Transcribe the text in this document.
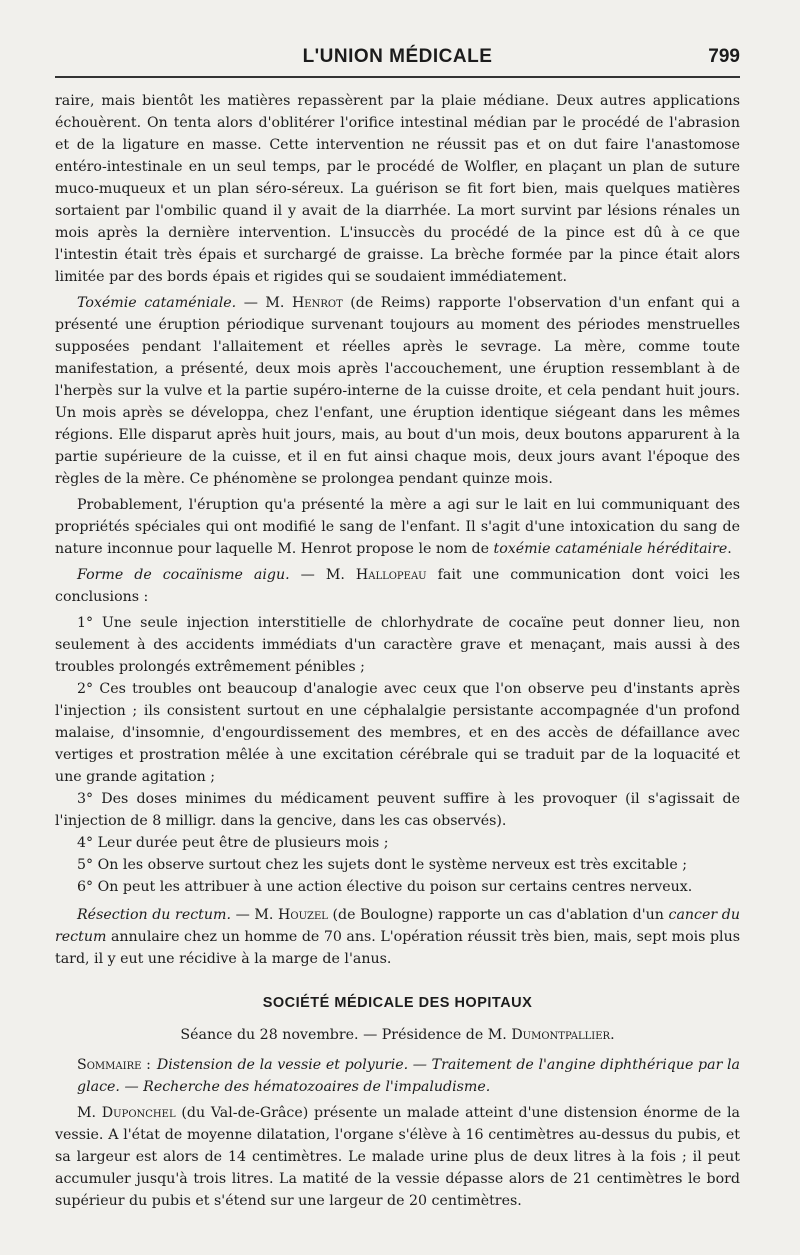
L'UNION MÉDICALE	799

raire, mais bientôt les matières repassèrent par la plaie médiane. Deux autres applications échouèrent. On tenta alors d'oblitérer l'orifice intestinal médian par le procédé de l'abrasion et de la ligature en masse. Cette intervention ne réussit pas et on dut faire l'anastomose entéro-intestinale en un seul temps, par le procédé de Wolfler, en plaçant un plan de suture muco-muqueux et un plan séro-séreux. La guérison se fit fort bien, mais quelques matières sortaient par l'ombilic quand il y avait de la diarrhée. La mort survint par lésions rénales un mois après la dernière intervention. L'insuccès du procédé de la pince est dû à ce que l'intestin était très épais et surchargé de graisse. La brèche formée par la pince était alors limitée par des bords épais et rigides qui se soudaient immédiatement.

Toxémie cataméniale. — M. Henrot (de Reims) rapporte l'observation d'un enfant qui a présenté une éruption périodique survenant toujours au moment des périodes menstruelles supposées pendant l'allaitement et réelles après le sevrage. La mère, comme toute manifestation, a présenté, deux mois après l'accouchement, une éruption ressemblant à de l'herpès sur la vulve et la partie supéro-interne de la cuisse droite, et cela pendant huit jours. Un mois après se développa, chez l'enfant, une éruption identique siégeant dans les mêmes régions. Elle disparut après huit jours, mais, au bout d'un mois, deux boutons apparurent à la partie supérieure de la cuisse, et il en fut ainsi chaque mois, deux jours avant l'époque des règles de la mère. Ce phénomène se prolongea pendant quinze mois.

Probablement, l'éruption qu'a présenté la mère a agi sur le lait en lui communiquant des propriétés spéciales qui ont modifié le sang de l'enfant. Il s'agit d'une intoxication du sang de nature inconnue pour laquelle M. Henrot propose le nom de toxémie cataméniale héréditaire.

Forme de cocaïnisme aigu. — M. Hallopeau fait une communication dont voici les conclusions :

1° Une seule injection interstitielle de chlorhydrate de cocaïne peut donner lieu, non seulement à des accidents immédiats d'un caractère grave et menaçant, mais aussi à des troubles prolongés extrêmement pénibles ;

2° Ces troubles ont beaucoup d'analogie avec ceux que l'on observe peu d'instants après l'injection ; ils consistent surtout en une céphalalgie persistante accompagnée d'un profond malaise, d'insomnie, d'engourdissement des membres, et en des accès de défaillance avec vertiges et prostration mêlée à une excitation cérébrale qui se traduit par de la loquacité et une grande agitation ;

3° Des doses minimes du médicament peuvent suffire à les provoquer (il s'agissait de l'injection de 8 milligr. dans la gencive, dans les cas observés).

4° Leur durée peut être de plusieurs mois ;

5° On les observe surtout chez les sujets dont le système nerveux est très excitable ;

6° On peut les attribuer à une action élective du poison sur certains centres nerveux.

Résection du rectum. — M. Houzel (de Boulogne) rapporte un cas d'ablation d'un cancer du rectum annulaire chez un homme de 70 ans. L'opération réussit très bien, mais, sept mois plus tard, il y eut une récidive à la marge de l'anus.

SOCIÉTÉ MÉDICALE DES HOPITAUX
Séance du 28 novembre. — Présidence de M. Dumontpallier.

Sommaire : Distension de la vessie et polyurie. — Traitement de l'angine diphthérique par la glace. — Recherche des hématozoaires de l'impaludisme.

M. Duponchel (du Val-de-Grâce) présente un malade atteint d'une distension énorme de la vessie. A l'état de moyenne dilatation, l'organe s'élève à 16 centimètres au-dessus du pubis, et sa largeur est alors de 14 centimètres. Le malade urine plus de deux litres à la fois ; il peut accumuler jusqu'à trois litres. La matité de la vessie dépasse alors de 21 centimètres le bord supérieur du pubis et s'étend sur une largeur de 20 centimètres.
